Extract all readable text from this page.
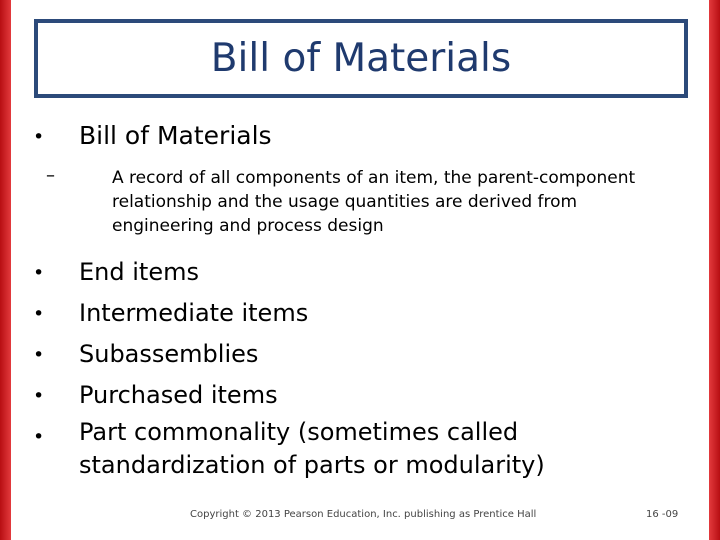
Bill of Materials
• Bill of Materials
–	A record of all components of an item, the parent-component relationship and the usage quantities are derived from engineering and process design
• End items
• Intermediate items
• Subassemblies
• Purchased items
• Part commonality (sometimes called standardization of parts or modularity)
Copyright © 2013 Pearson Education, Inc. publishing as Prentice Hall	16 -09
